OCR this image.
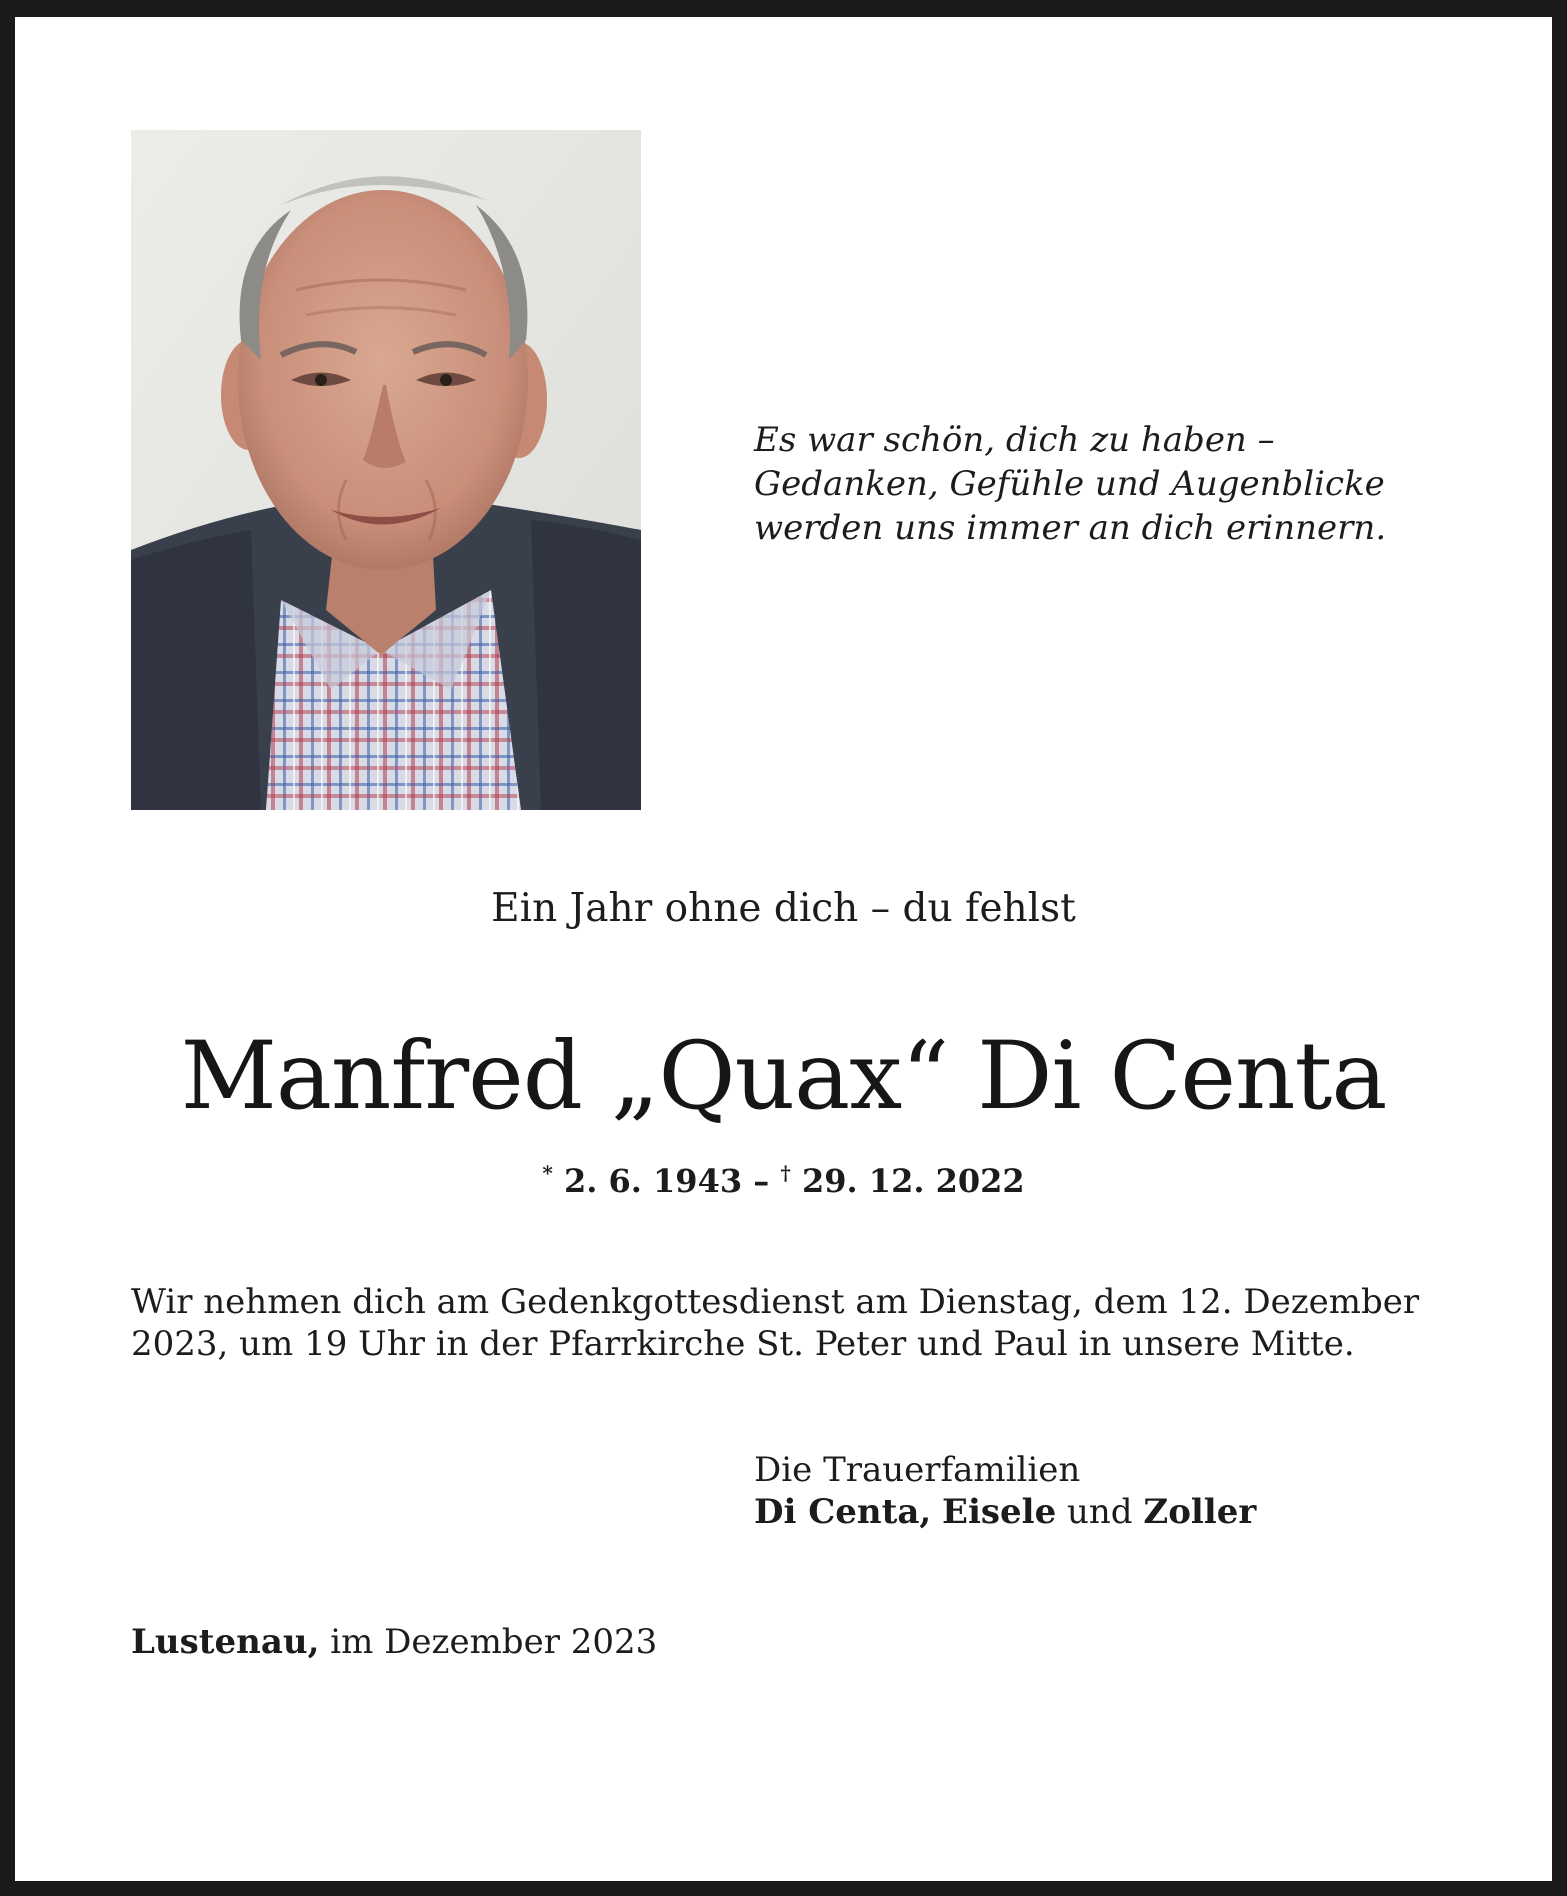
Es war schön, dich zu haben –
Gedanken, Gefühle und Augenblicke
werden uns immer an dich erinnern.
Ein Jahr ohne dich – du fehlst
Manfred „Quax“ Di Centa
* 2. 6. 1943 – † 29. 12. 2022
Wir nehmen dich am Gedenkgottesdienst am Dienstag, dem 12. Dezember
2023, um 19 Uhr in der Pfarrkirche St. Peter und Paul in unsere Mitte.
Die Trauerfamilien
Di Centa, Eisele und Zoller
Lustenau, im Dezember 2023
